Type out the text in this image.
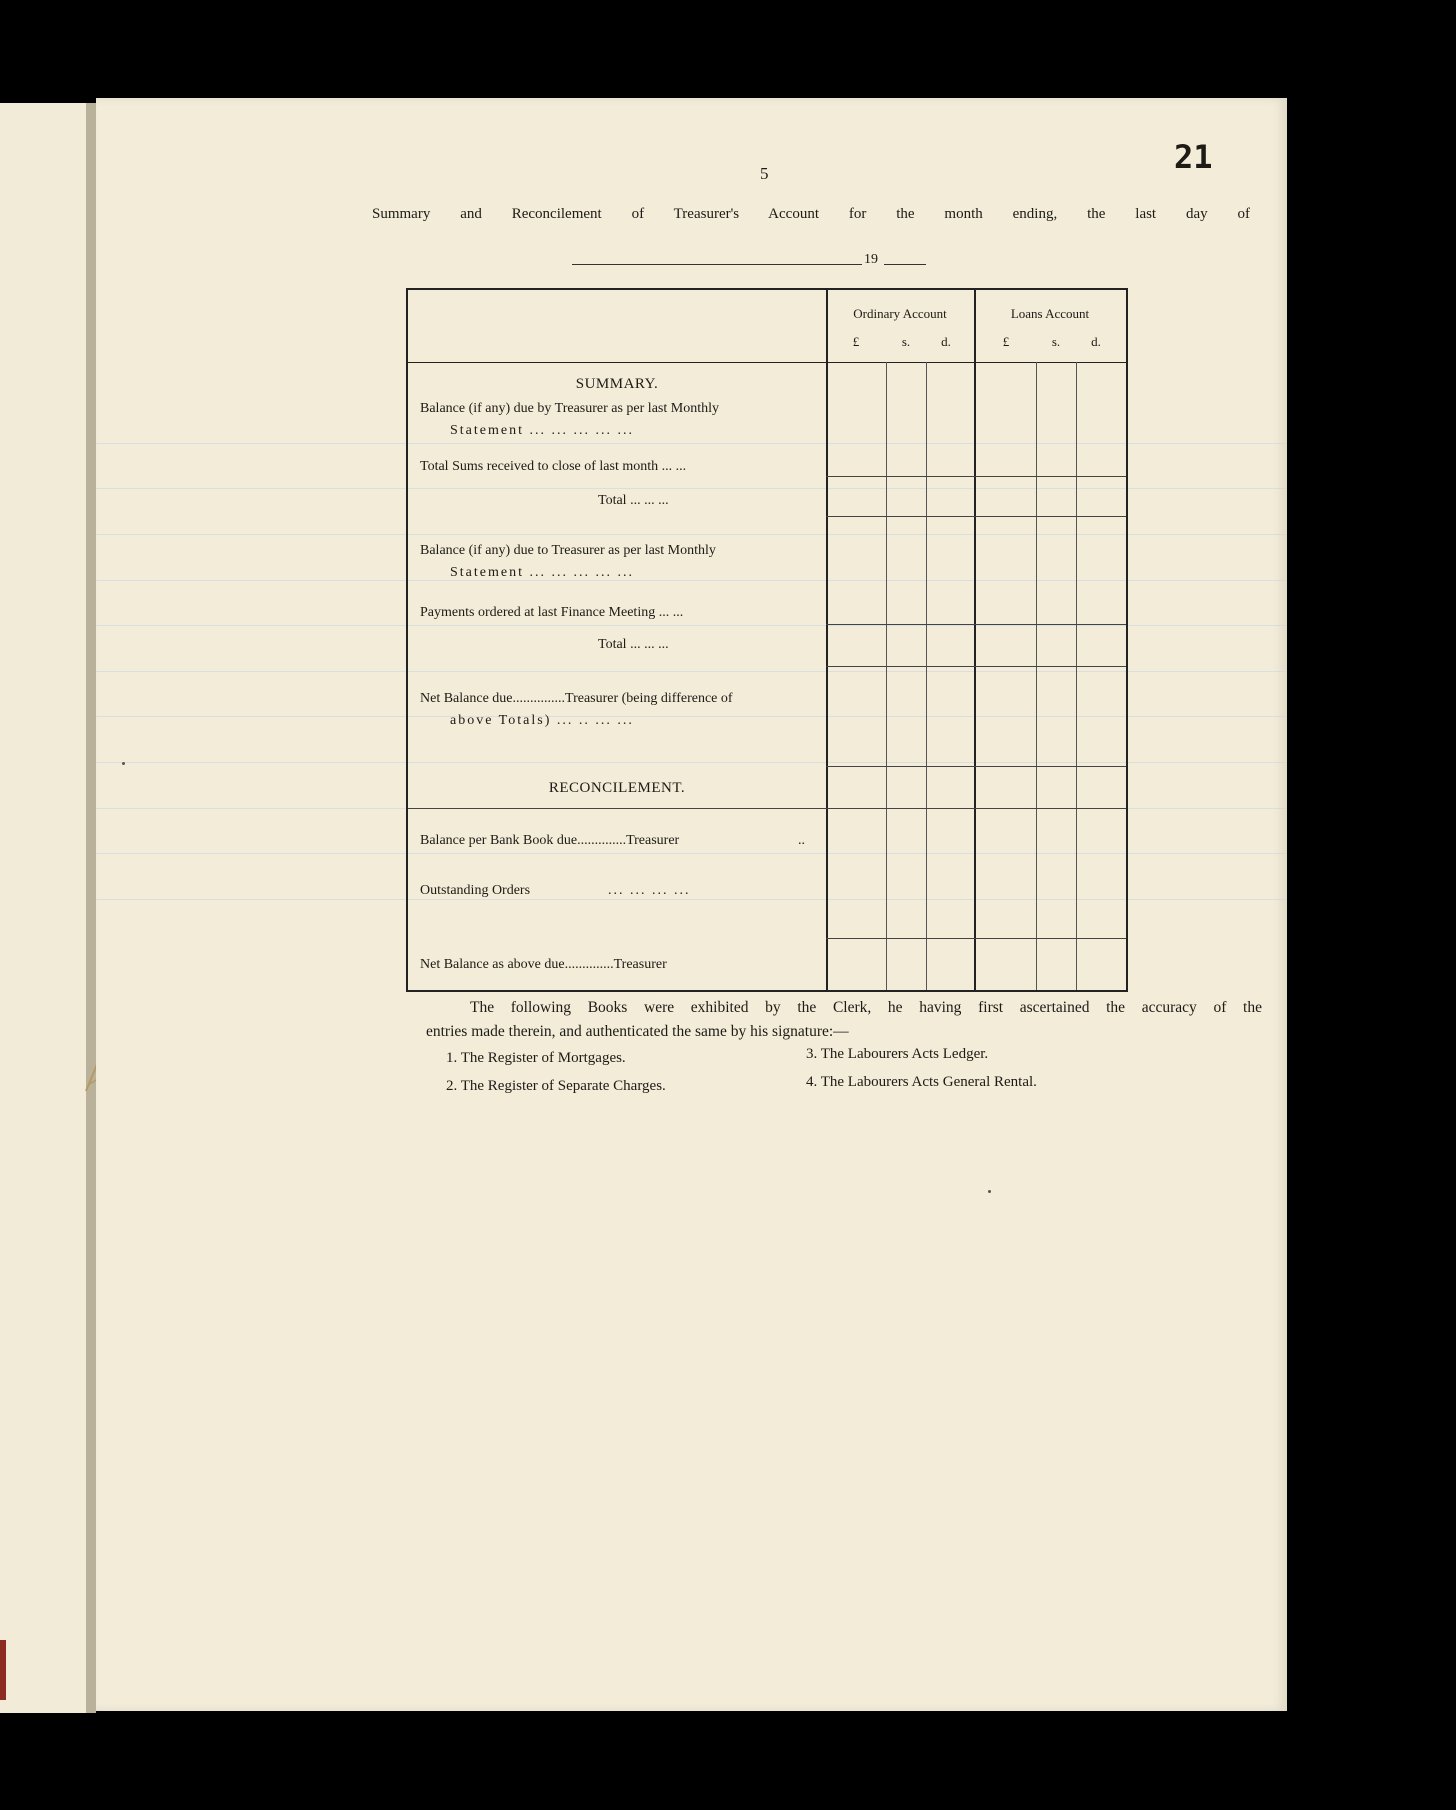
21
5
Summary and Reconcilement of Treasurer's Account for the month ending, the last day of
19
Ordinary Account	Loans Account
£	s.	d.	£	s.	d.
SUMMARY.
Balance (if any) due by Treasurer as per last Monthly
Statement ... ... ... ... ...
Total Sums received to close of last month ... ...
Total ... ... ...
Balance (if any) due to Treasurer as per last Monthly
Statement ... ... ... ... ...
Payments ordered at last Finance Meeting ... ...
Total ... ... ...
Net Balance due...............Treasurer (being difference of
above Totals) ... .. ... ...
RECONCILEMENT.
Balance per Bank Book due..............Treasurer	..
Outstanding Orders	... ... ... ...
Net Balance as above due..............Treasurer
The following Books were exhibited by the Clerk, he having first ascertained the accuracy of the
entries made therein, and authenticated the same by his signature:—
1. The Register of Mortgages.
2. The Register of Separate Charges.
3. The Labourers Acts Ledger.
4. The Labourers Acts General Rental.
